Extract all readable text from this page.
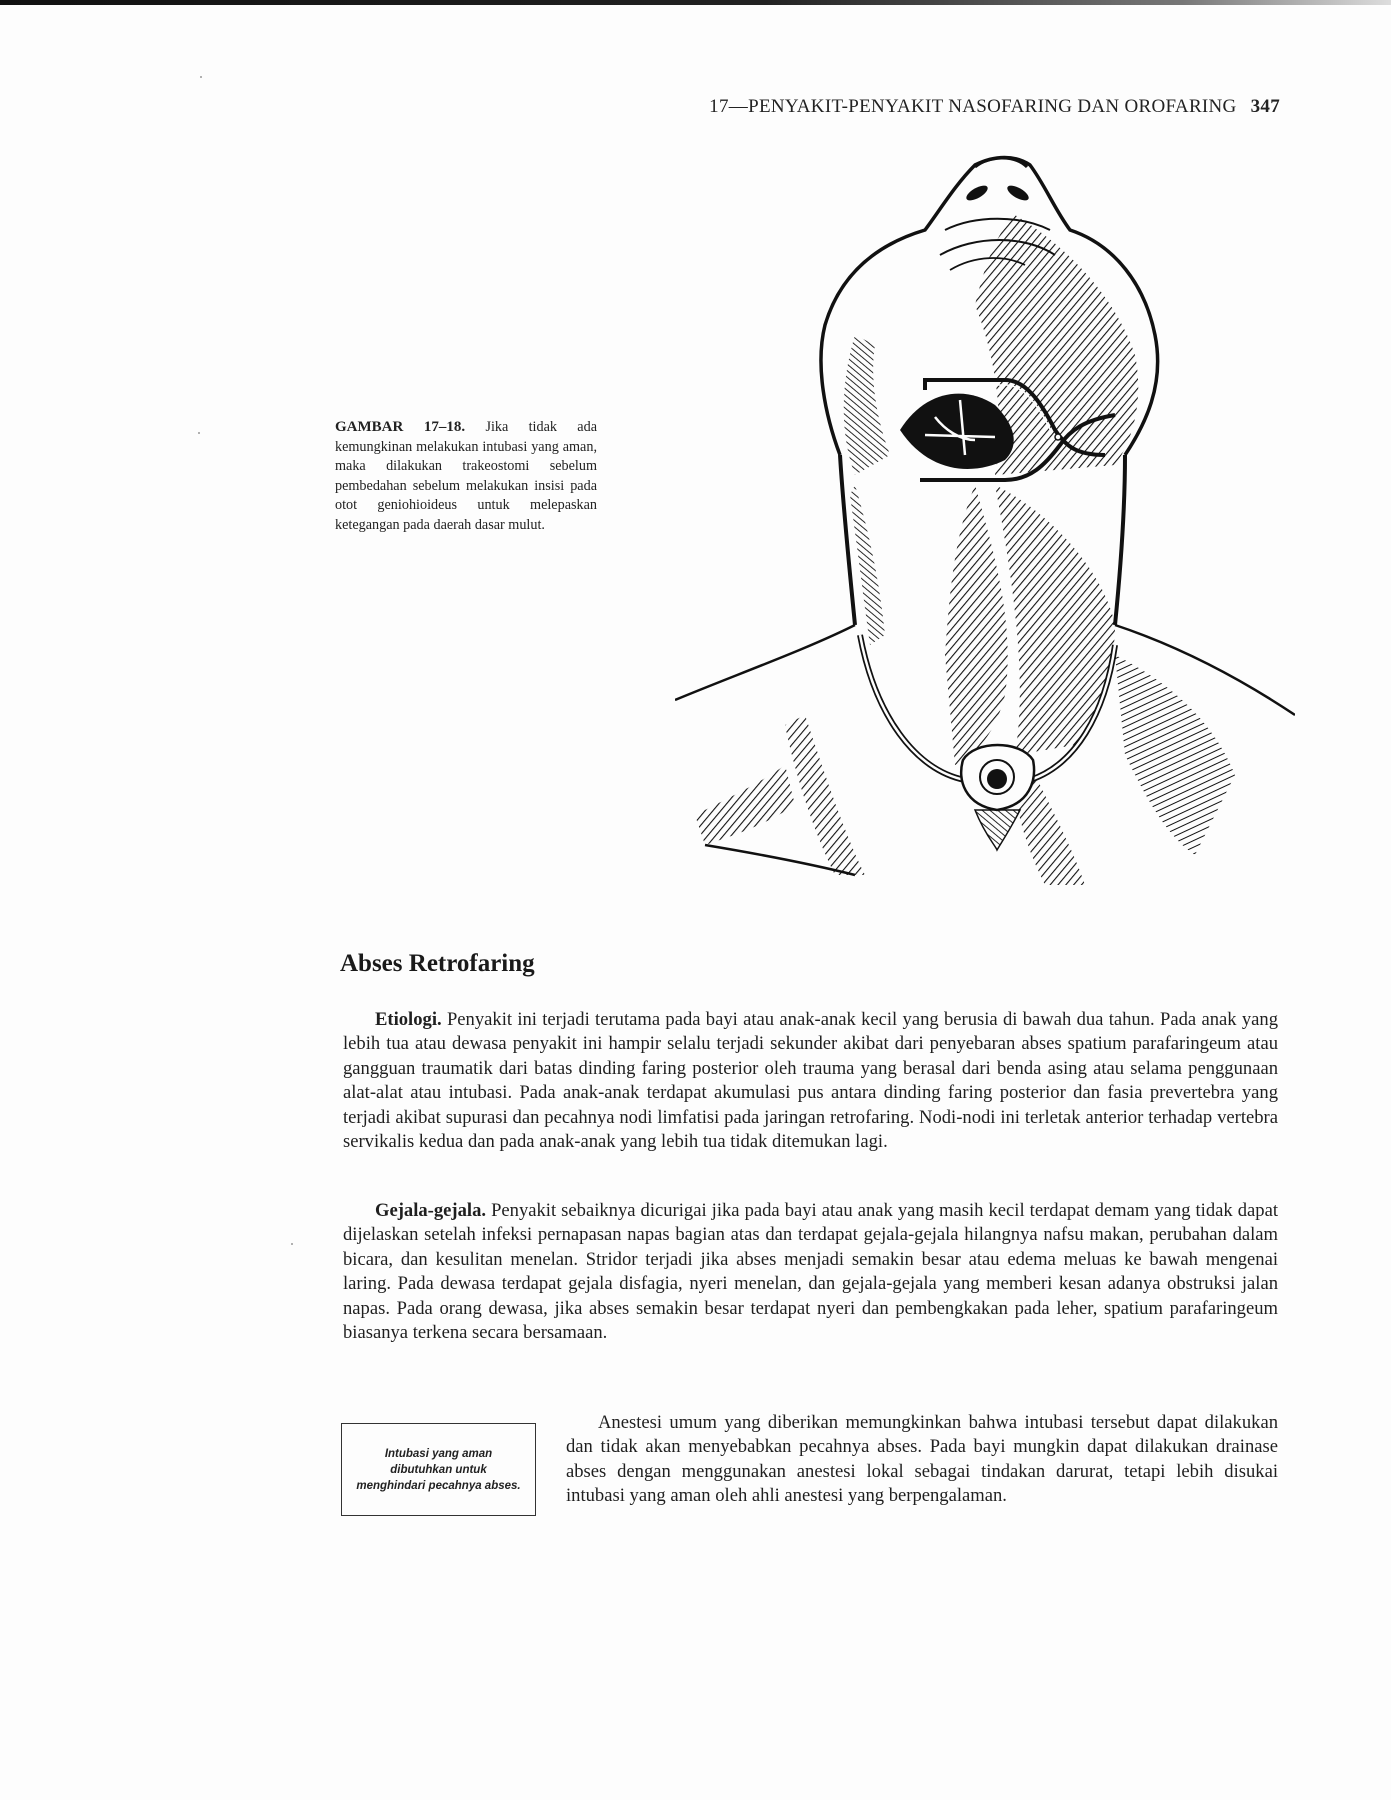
17—PENYAKIT-PENYAKIT NASOFARING DAN OROFARING 347
GAMBAR 17–18. Jika tidak ada kemungkinan melakukan intubasi yang aman, maka dilakukan trakeostomi sebelum pembedahan sebelum melakukan insisi pada otot geniohioideus untuk melepaskan ketegangan pada daerah dasar mulut.
Abses Retrofaring

Etiologi. Penyakit ini terjadi terutama pada bayi atau anak-anak kecil yang berusia di bawah dua tahun. Pada anak yang lebih tua atau dewasa penyakit ini hampir selalu terjadi sekunder akibat dari penyebaran abses spatium parafaringeum atau gangguan traumatik dari batas dinding faring posterior oleh trauma yang berasal dari benda asing atau selama penggunaan alat-alat atau intubasi. Pada anak-anak terdapat akumulasi pus antara dinding faring posterior dan fasia prevertebra yang terjadi akibat supurasi dan pecahnya nodi limfatisi pada jaringan retrofaring. Nodi-nodi ini terletak anterior terhadap vertebra servikalis kedua dan pada anak-anak yang lebih tua tidak ditemukan lagi.

Gejala-gejala. Penyakit sebaiknya dicurigai jika pada bayi atau anak yang masih kecil terdapat demam yang tidak dapat dijelaskan setelah infeksi pernapasan napas bagian atas dan terdapat gejala-gejala hilangnya nafsu makan, perubahan dalam bicara, dan kesulitan menelan. Stridor terjadi jika abses menjadi semakin besar atau edema meluas ke bawah mengenai laring. Pada dewasa terdapat gejala disfagia, nyeri menelan, dan gejala-gejala yang memberi kesan adanya obstruksi jalan napas. Pada orang dewasa, jika abses semakin besar terdapat nyeri dan pembengkakan pada leher, spatium parafaringeum biasanya terkena secara bersamaan.

Intubasi yang aman dibutuhkan untuk menghindari pecahnya abses.

Anestesi umum yang diberikan memungkinkan bahwa intubasi tersebut dapat dilakukan dan tidak akan menyebabkan pecahnya abses. Pada bayi mungkin dapat dilakukan drainase abses dengan menggunakan anestesi lokal sebagai tindakan darurat, tetapi lebih disukai intubasi yang aman oleh ahli anestesi yang berpengalaman.
